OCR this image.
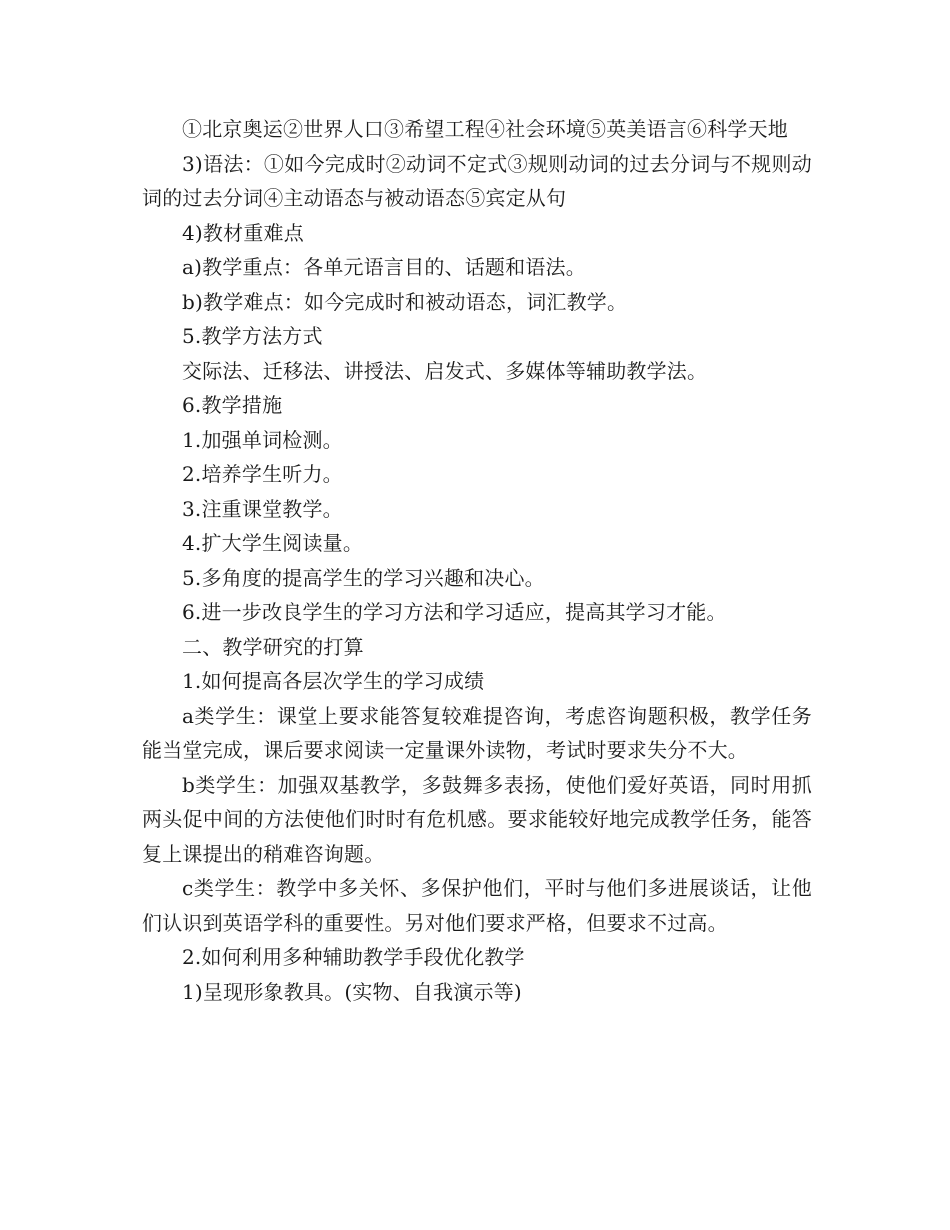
①北京奥运②世界人口③希望工程④社会环境⑤英美语言⑥科学天地

3)语法：①如今完成时②动词不定式③规则动词的过去分词与不规则动词的过去分词④主动语态与被动语态⑤宾定从句

4)教材重难点

a)教学重点：各单元语言目的、话题和语法。

b)教学难点：如今完成时和被动语态，词汇教学。

5.教学方法方式

交际法、迁移法、讲授法、启发式、多媒体等辅助教学法。

6.教学措施

1.加强单词检测。

2.培养学生听力。

3.注重课堂教学。

4.扩大学生阅读量。

5.多角度的提高学生的学习兴趣和决心。

6.进一步改良学生的学习方法和学习适应，提高其学习才能。

二、教学研究的打算

1.如何提高各层次学生的学习成绩

a类学生：课堂上要求能答复较难提咨询，考虑咨询题积极，教学任务能当堂完成，课后要求阅读一定量课外读物，考试时要求失分不大。

b类学生：加强双基教学，多鼓舞多表扬，使他们爱好英语，同时用抓两头促中间的方法使他们时时有危机感。要求能较好地完成教学任务，能答复上课提出的稍难咨询题。

c类学生：教学中多关怀、多保护他们，平时与他们多进展谈话，让他们认识到英语学科的重要性。另对他们要求严格，但要求不过高。

2.如何利用多种辅助教学手段优化教学

1)呈现形象教具。(实物、自我演示等)
